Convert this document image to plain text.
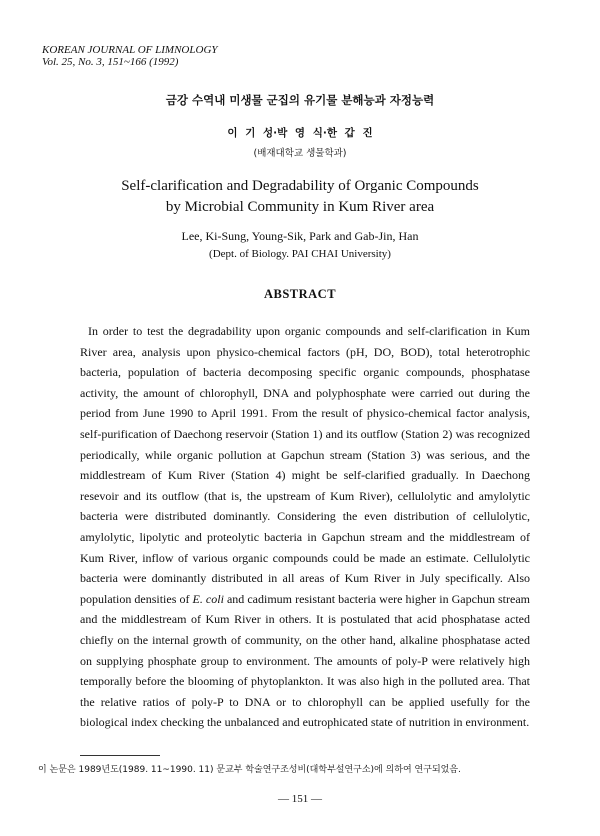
KOREAN JOURNAL OF LIMNOLOGY
Vol. 25, No. 3, 151~166 (1992)
금강 수역내 미생물 군집의 유기물 분해능과 자정능력
이 기 성·박 영 식·한 갑 진
(배재대학교 생물학과)
Self-clarification and Degradability of Organic Compounds
by Microbial Community in Kum River area
Lee, Ki-Sung, Young-Sik, Park and Gab-Jin, Han
(Dept. of Biology. PAI CHAI University)
ABSTRACT

In order to test the degradability upon organic compounds and self-clarification in Kum River area, analysis upon physico-chemical factors (pH, DO, BOD), total heterotrophic bacteria, population of bacteria decomposing specific organic compounds, phosphatase activity, the amount of chlorophyll, DNA and polyphosphate were carried out during the period from June 1990 to April 1991. From the result of physico-chemical factor analysis, self-purification of Daechong reservoir (Station 1) and its outflow (Station 2) was recognized periodically, while organic pollution at Gapchun stream (Station 3) was serious, and the middlestream of Kum River (Station 4) might be self-clarified gradually. In Daechong resevoir and its outflow (that is, the upstream of Kum River), cellulolytic and amylolytic bacteria were distributed dominantly. Considering the even distribution of cellulolytic, amylolytic, lipolytic and proteolytic bacteria in Gapchun stream and the middlestream of Kum River, inflow of various organic compounds could be made an estimate. Cellulolytic bacteria were dominantly distributed in all areas of Kum River in July specifically. Also population densities of E. coli and cadimum resistant bacteria were higher in Gapchun stream and the middlestream of Kum River in others. It is postulated that acid phosphatase acted chiefly on the internal growth of community, on the other hand, alkaline phosphatase acted on supplying phosphate group to environment. The amounts of poly-P were relatively high temporally before the blooming of phytoplankton. It was also high in the polluted area. That the relative ratios of poly-P to DNA or to chlorophyll can be applied usefully for the biological index checking the unbalanced and eutrophicated state of nutrition in environment.

이 논문은 1989년도(1989. 11~1990. 11) 문교부 학술연구조성비(대학부설연구소)에 의하여 연구되었음.
— 151 —
